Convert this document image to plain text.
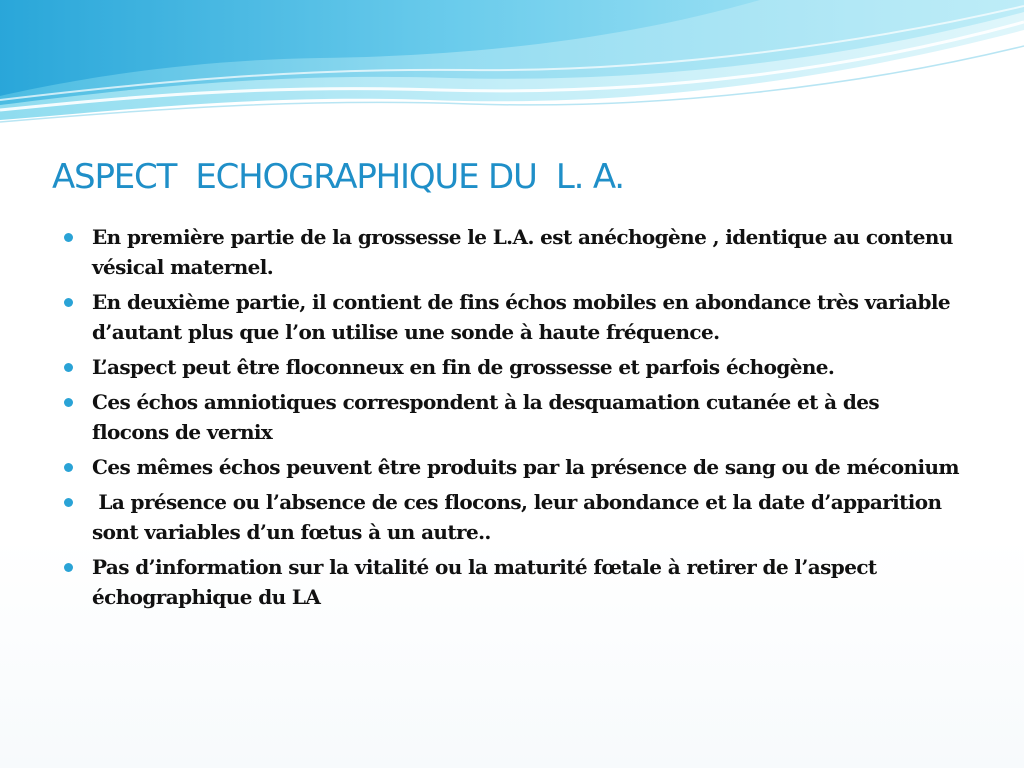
ASPECT  ECHOGRAPHIQUE DU  L. A.
En première partie de la grossesse le L.A. est anéchogène , identique au contenu vésical maternel.
En deuxième partie, il contient de fins échos mobiles en abondance très variable  d’autant plus que l’on utilise une sonde à haute fréquence.
L’aspect peut être floconneux en fin de grossesse et parfois échogène.
Ces échos amniotiques correspondent à la desquamation cutanée et à des flocons de vernix
Ces mêmes échos peuvent être produits par la présence de sang ou de méconium
La présence ou l’absence de ces flocons, leur abondance et la date d’apparition  sont variables d’un fœtus à un autre..
Pas d’information sur la vitalité ou la maturité fœtale à retirer de l’aspect échographique du LA
